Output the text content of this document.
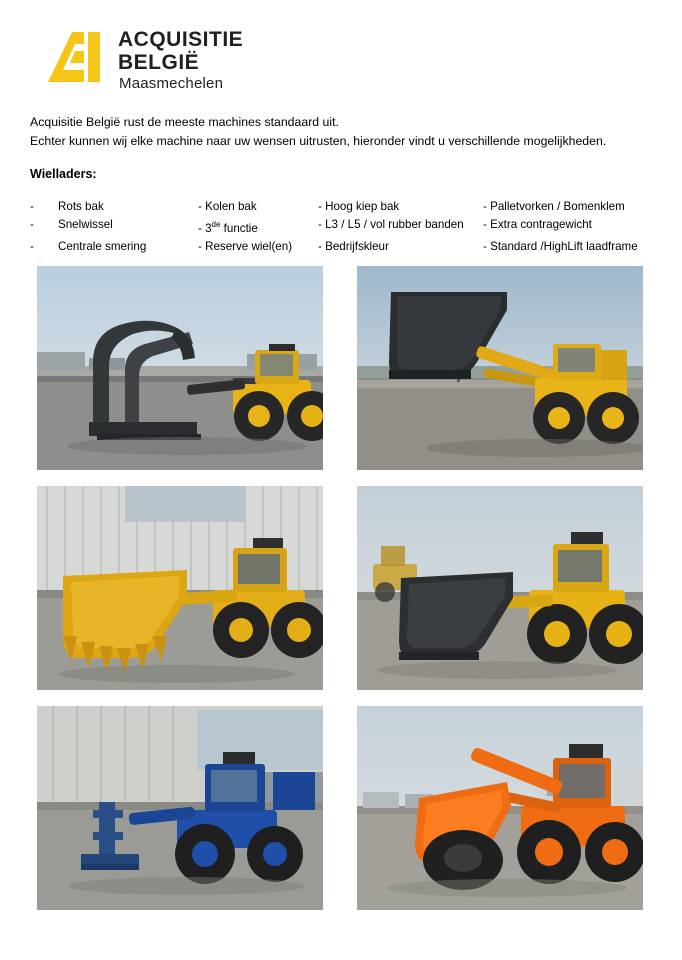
ACQUISITIE
BELGIË
Maasmechelen
Acquisitie België rust de meeste machines standaard uit.
Echter kunnen wij elke machine naar uw wensen uitrusten, hieronder vindt u verschillende mogelijkheden.
Wielladers:
-	Rots bak	- Kolen bak	- Hoog kiep bak	- Palletvorken / Bomenklem
-	Snelwissel	- 3de functie	- L3 / L5 / vol rubber banden	- Extra contragewicht
-	Centrale smering	- Reserve wiel(en)	- Bedrijfskleur	- Standard /HighLift laadframe
